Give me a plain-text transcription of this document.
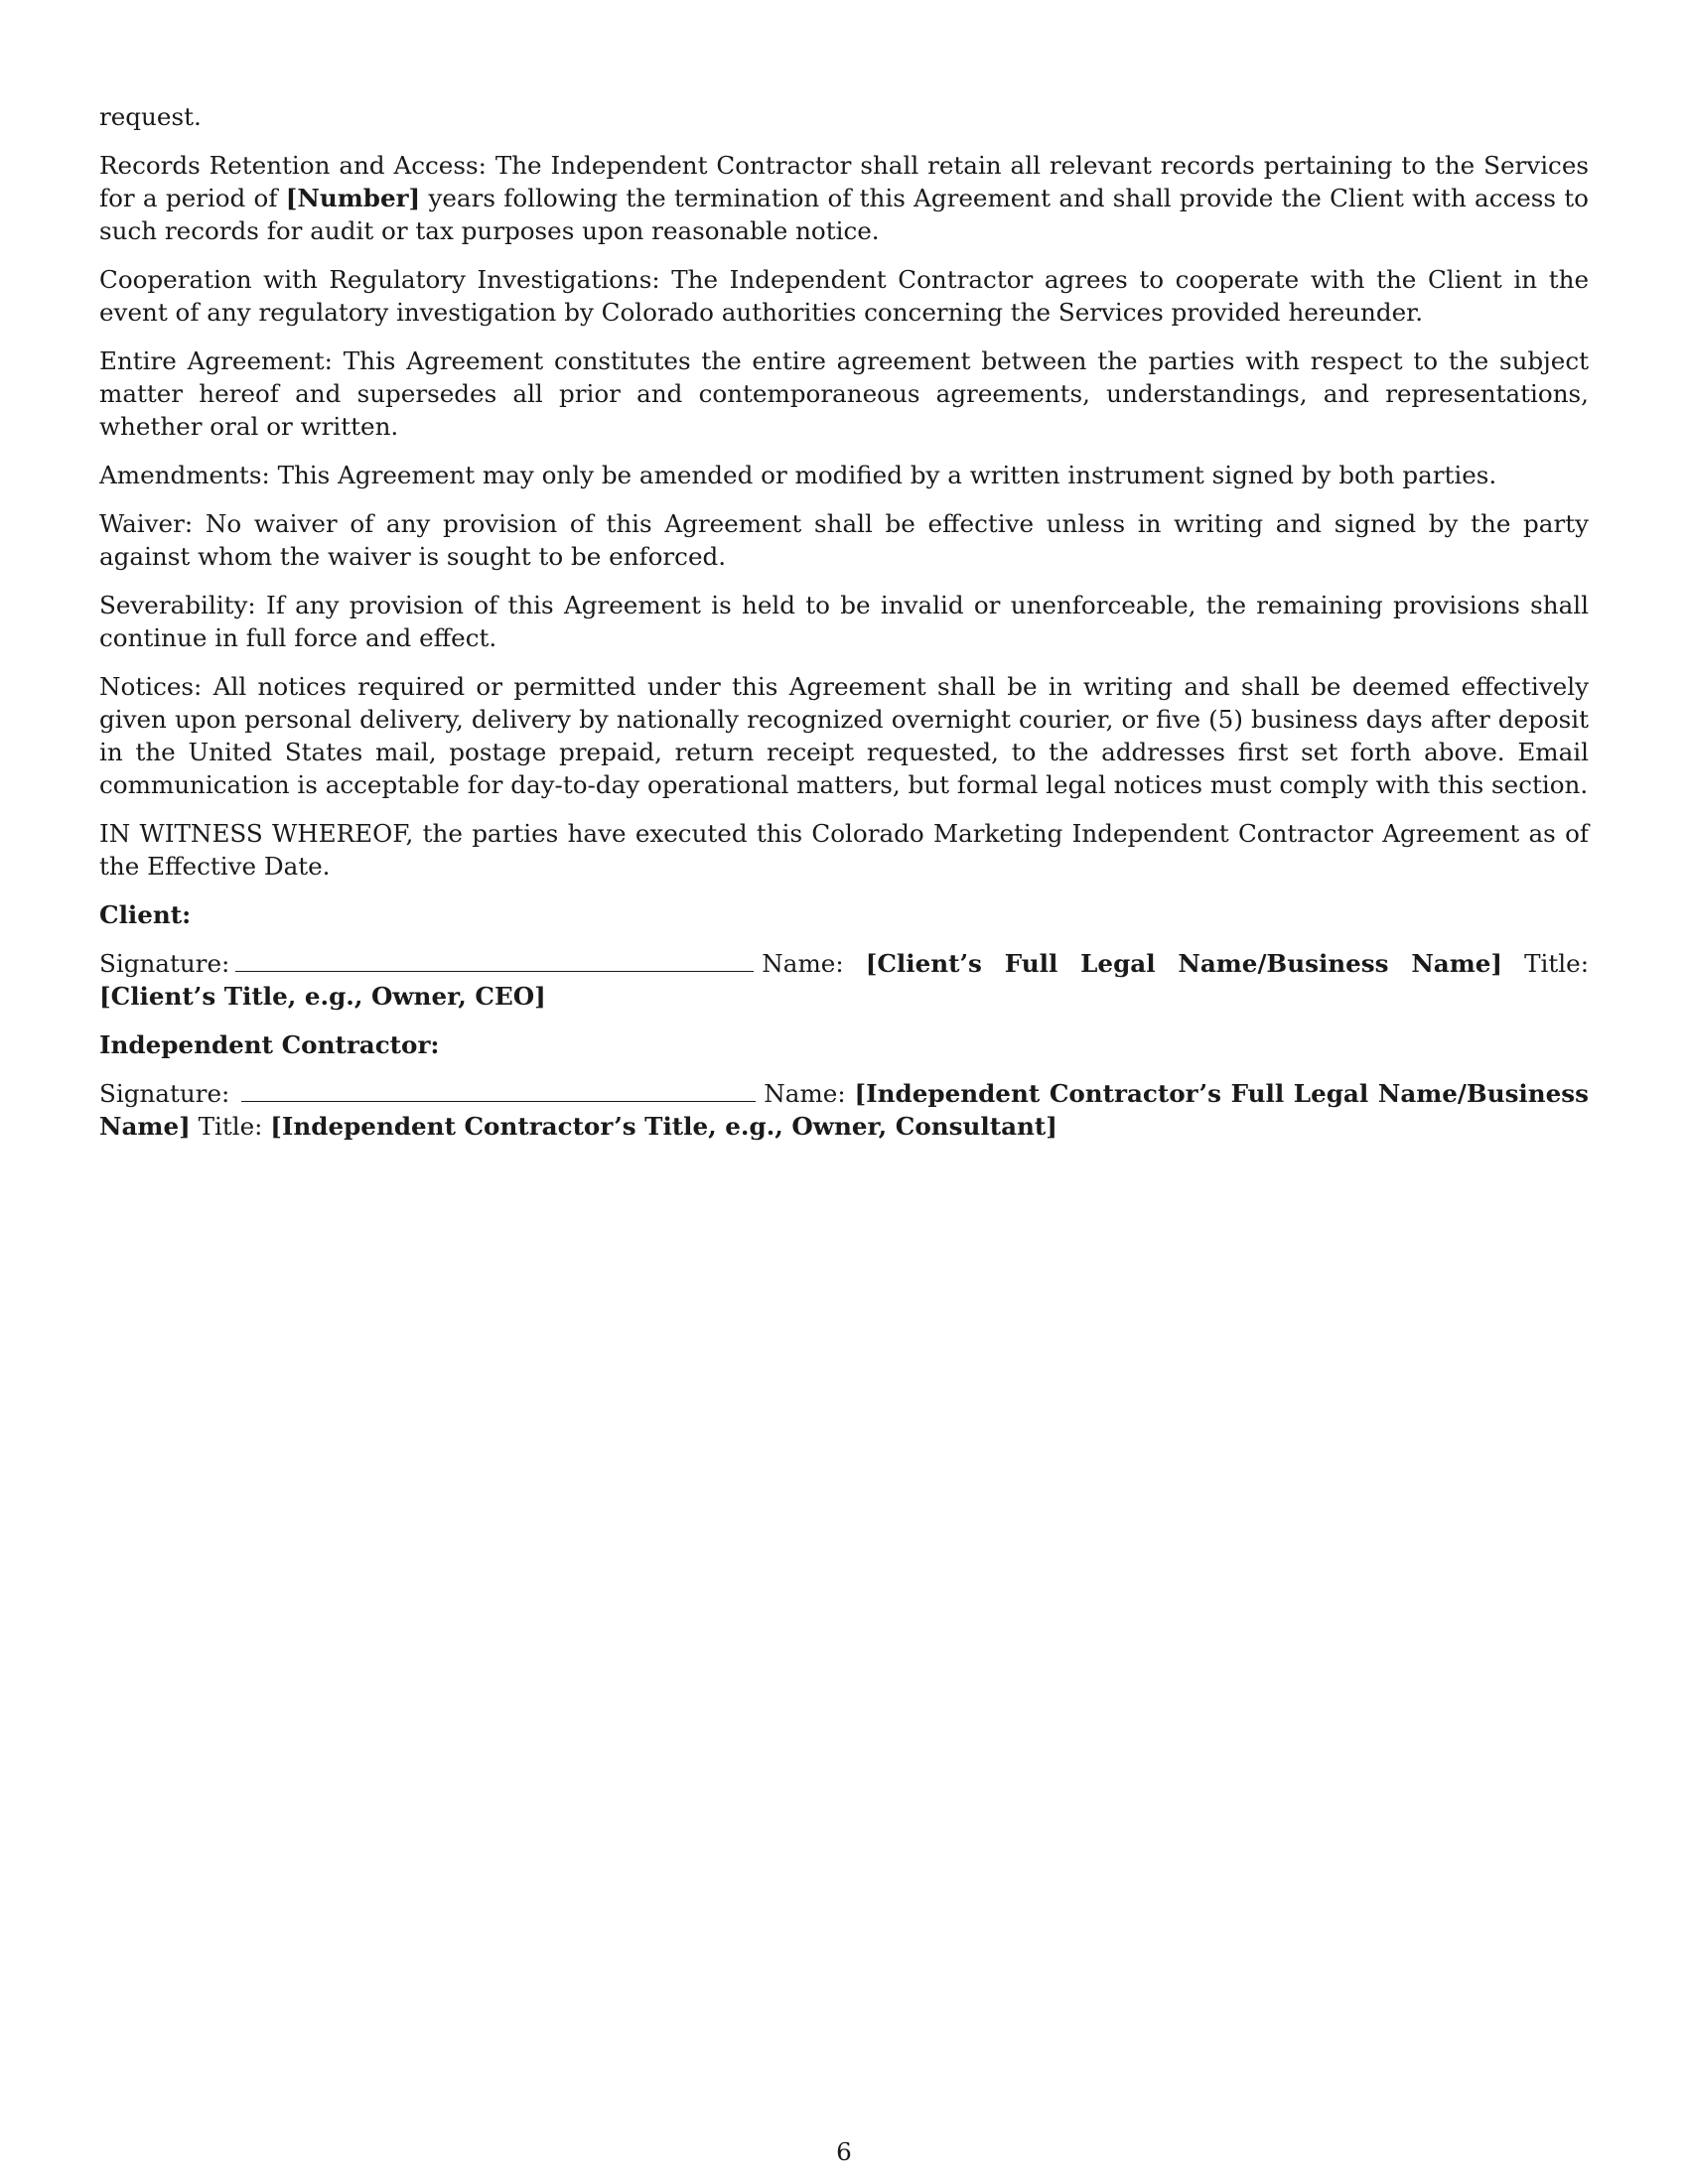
request.

Records Retention and Access: The Independent Contractor shall retain all relevant records pertaining to the Services for a period of [Number] years following the termination of this Agreement and shall provide the Client with access to such records for audit or tax purposes upon reasonable notice.

Cooperation with Regulatory Investigations: The Independent Contractor agrees to cooperate with the Client in the event of any regulatory investigation by Colorado authorities concerning the Services provided hereunder.

Entire Agreement: This Agreement constitutes the entire agreement between the parties with respect to the subject matter hereof and supersedes all prior and contemporaneous agreements, understandings, and representations, whether oral or written.

Amendments: This Agreement may only be amended or modified by a written instrument signed by both parties.

Waiver: No waiver of any provision of this Agreement shall be effective unless in writing and signed by the party against whom the waiver is sought to be enforced.

Severability: If any provision of this Agreement is held to be invalid or unenforceable, the remaining provisions shall continue in full force and effect.

Notices: All notices required or permitted under this Agreement shall be in writing and shall be deemed effectively given upon personal delivery, delivery by nationally recognized overnight courier, or five (5) business days after deposit in the United States mail, postage prepaid, return receipt requested, to the addresses first set forth above. Email communication is acceptable for day-to-day operational matters, but formal legal notices must comply with this section.

IN WITNESS WHEREOF, the parties have executed this Colorado Marketing Independent Contractor Agreement as of the Effective Date.

Client:

Signature:	Name: [Client’s Full Legal Name/Business Name] Title: [Client’s Title, e.g., Owner, CEO]

Independent Contractor:

Signature:	Name: [Independent Contractor’s Full Legal Name/Business Name] Title: [Independent Contractor’s Title, e.g., Owner, Consultant]

6
